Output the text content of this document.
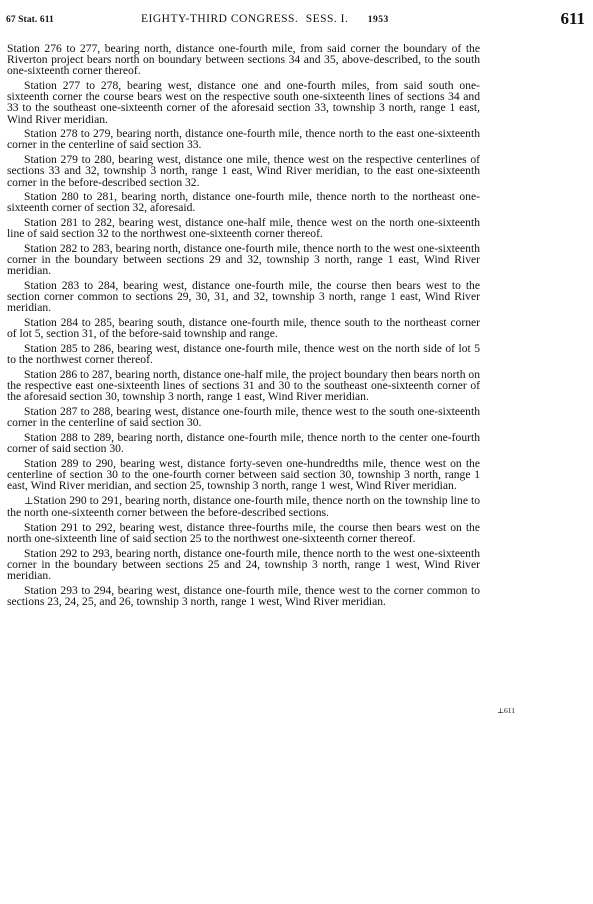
67 Stat. 611	EIGHTY-THIRD CONGRESS. SESS. I. 1953	611

Station 276 to 277, bearing north, distance one-fourth mile, from said corner the boundary of the Riverton project bears north on boundary between sections 34 and 35, above-described, to the south one-sixteenth corner thereof.

Station 277 to 278, bearing west, distance one and one-fourth miles, from said south one-sixteenth corner the course bears west on the respective south one-sixteenth lines of sections 34 and 33 to the southeast one-sixteenth corner of the aforesaid section 33, township 3 north, range 1 east, Wind River meridian.

Station 278 to 279, bearing north, distance one-fourth mile, thence north to the east one-sixteenth corner in the centerline of said section 33.

Station 279 to 280, bearing west, distance one mile, thence west on the respective centerlines of sections 33 and 32, township 3 north, range 1 east, Wind River meridian, to the east one-sixteenth corner in the before-described section 32.

Station 280 to 281, bearing north, distance one-fourth mile, thence north to the northeast one-sixteenth corner of section 32, aforesaid.

Station 281 to 282, bearing west, distance one-half mile, thence west on the north one-sixteenth line of said section 32 to the northwest one-sixteenth corner thereof.

Station 282 to 283, bearing north, distance one-fourth mile, thence north to the west one-sixteenth corner in the boundary between sections 29 and 32, township 3 north, range 1 east, Wind River meridian.

Station 283 to 284, bearing west, distance one-fourth mile, the course then bears west to the section corner common to sections 29, 30, 31, and 32, township 3 north, range 1 east, Wind River meridian.

Station 284 to 285, bearing south, distance one-fourth mile, thence south to the northeast corner of lot 5, section 31, of the before-said township and range.

Station 285 to 286, bearing west, distance one-fourth mile, thence west on the north side of lot 5 to the northwest corner thereof.

Station 286 to 287, bearing north, distance one-half mile, the project boundary then bears north on the respective east one-sixteenth lines of sections 31 and 30 to the southeast one-sixteenth corner of the aforesaid section 30, township 3 north, range 1 east, Wind River meridian.

Station 287 to 288, bearing west, distance one-fourth mile, thence west to the south one-sixteenth corner in the centerline of said section 30.

Station 288 to 289, bearing north, distance one-fourth mile, thence north to the center one-fourth corner of said section 30.

Station 289 to 290, bearing west, distance forty-seven one-hundredths mile, thence west on the centerline of section 30 to the one-fourth corner between said section 30, township 3 north, range 1 east, Wind River meridian, and section 25, township 3 north, range 1 west, Wind River meridian.

⊥Station 290 to 291, bearing north, distance one-fourth mile, thence north on the township line to the north one-sixteenth corner between the before-described sections.

Station 291 to 292, bearing west, distance three-fourths mile, the course then bears west on the north one-sixteenth line of said section 25 to the northwest one-sixteenth corner thereof.

Station 292 to 293, bearing north, distance one-fourth mile, thence north to the west one-sixteenth corner in the boundary between sections 25 and 24, township 3 north, range 1 west, Wind River meridian.

Station 293 to 294, bearing west, distance one-fourth mile, thence west to the corner common to sections 23, 24, 25, and 26, township 3 north, range 1 west, Wind River meridian.

⊥611
